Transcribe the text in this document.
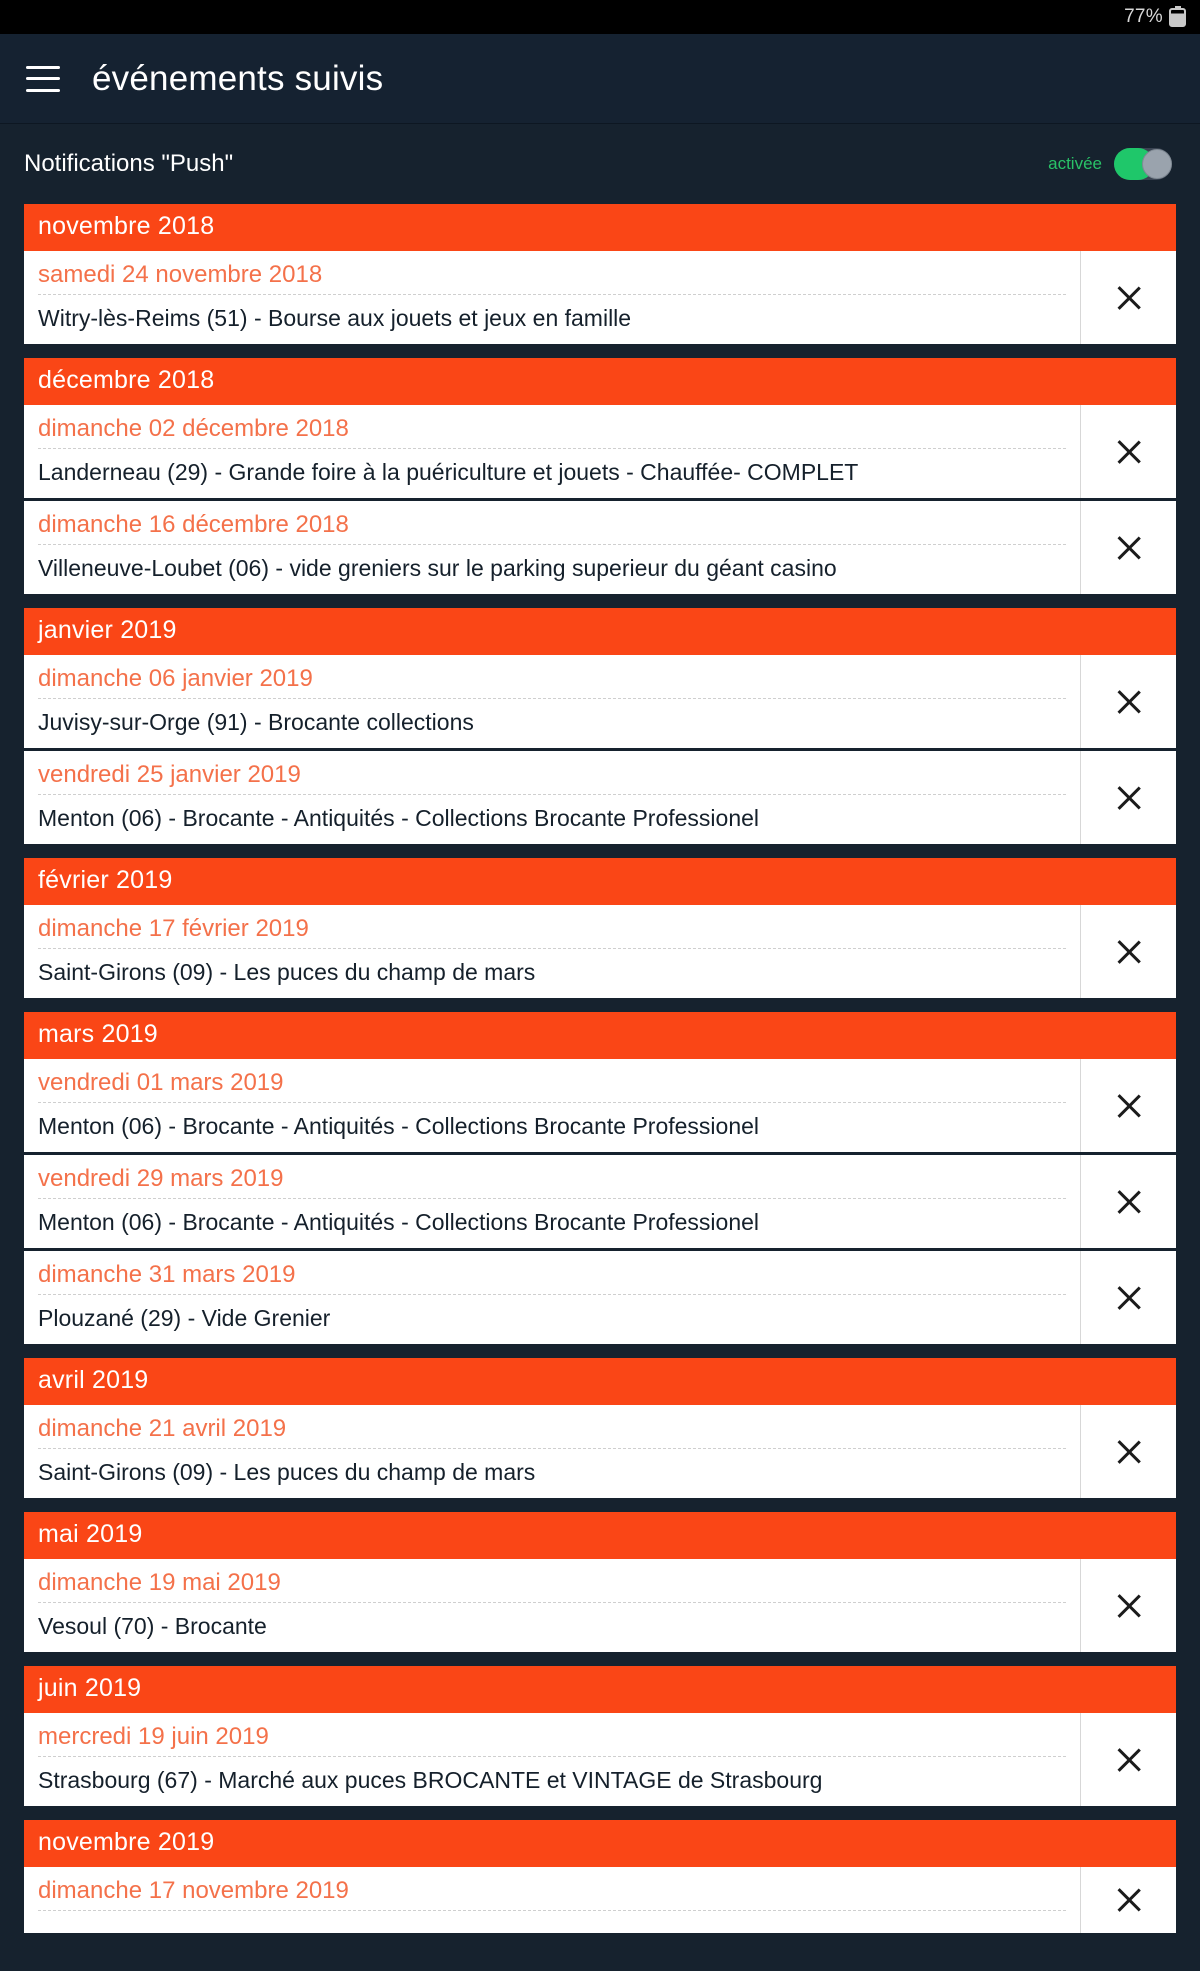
77%
événements suivis
Notifications "Push"	activée
novembre 2018
samedi 24 novembre 2018
Witry-lès-Reims (51) - Bourse aux jouets et jeux en famille
décembre 2018
dimanche 02 décembre 2018
Landerneau (29) - Grande foire à la puériculture et jouets - Chauffée- COMPLET
dimanche 16 décembre 2018
Villeneuve-Loubet (06) - vide greniers sur le parking superieur du géant casino
janvier 2019
dimanche 06 janvier 2019
Juvisy-sur-Orge (91) - Brocante collections
vendredi 25 janvier 2019
Menton (06) - Brocante - Antiquités - Collections Brocante Professionel
février 2019
dimanche 17 février 2019
Saint-Girons (09) - Les puces du champ de mars
mars 2019
vendredi 01 mars 2019
Menton (06) - Brocante - Antiquités - Collections Brocante Professionel
vendredi 29 mars 2019
Menton (06) - Brocante - Antiquités - Collections Brocante Professionel
dimanche 31 mars 2019
Plouzané (29) - Vide Grenier
avril 2019
dimanche 21 avril 2019
Saint-Girons (09) - Les puces du champ de mars
mai 2019
dimanche 19 mai 2019
Vesoul (70) - Brocante
juin 2019
mercredi 19 juin 2019
Strasbourg (67) - Marché aux puces BROCANTE et VINTAGE de Strasbourg
novembre 2019
dimanche 17 novembre 2019
